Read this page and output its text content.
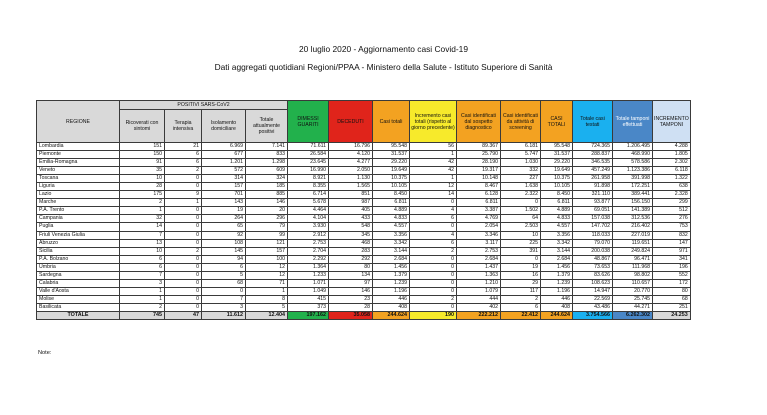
20 luglio 2020 - Aggiornamento casi Covid-19
Dati aggregati quotidiani Regioni/PPAA - Ministero della Salute - Istituto Superiore di Sanità
REGIONE	POSITIVI SARS-CoV2				DIMESSI GUARITI	DECEDUTI	Casi totali	Incremento casi totali (rispetto al giorno precedente)	Casi identificati dal sospetto diagnostico	Casi identificati da attività di screening	CASI TOTALI	Totale casi testati	Totale tamponi effettuati	INCREMENTO TAMPONI
	Ricoverati con sintomi	Terapia intensiva	Isolamento domiciliare	Totale attualmente positivi										
Lombardia	151	21	6.969	7.141	71.611	16.796	95.548	56	89.367	6.181	95.548	724.365	1.206.495	4.288
Piemonte	150	6	677	833	26.584	4.120	31.537	1	25.790	5.747	31.537	288.837	468.990	1.805
Emilia-Romagna	91	6	1.201	1.298	23.645	4.277	29.220	42	28.190	1.030	29.220	346.535	578.586	2.302
Veneto	35	2	572	609	16.990	2.050	19.649	42	19.317	332	19.649	457.249	1.123.386	6.118
Toscana	10	0	314	324	8.921	1.130	10.375	1	10.148	227	10.375	261.958	391.998	1.322
Liguria	28	0	157	185	8.355	1.565	10.105	12	8.467	1.638	10.105	91.898	172.251	638
Lazio	175	9	701	885	6.714	851	8.450	14	6.128	2.322	8.450	321.110	389.441	2.328
Marche	2	1	143	146	5.678	987	6.811	0	6.811	0	6.811	93.877	156.150	299
P.A. Trento	1	0	19	20	4.464	405	4.889	4	3.387	1.502	4.889	69.051	141.389	512
Campania	32	0	264	296	4.104	433	4.833	6	4.769	64	4.833	157.038	312.536	276
Puglia	14	0	65	79	3.930	548	4.557	0	2.054	2.503	4.557	147.702	216.402	753
Friuli Venezia Giulia	7	0	92	99	2.912	345	3.356	4	3.346	10	3.356	118.033	227.019	832
Abruzzo	13	0	108	121	2.753	468	3.342	6	3.117	225	3.342	79.070	119.651	147
Sicilia	10	2	145	157	2.704	283	3.144	2	2.753	391	3.144	200.038	249.824	971
P.A. Bolzano	6	0	94	100	2.292	292	2.684	0	2.684	0	2.684	48.867	96.471	341
Umbria	6	0	6	12	1.364	80	1.456	0	1.437	19	1.456	73.653	111.968	196
Sardegna	7	0	5	12	1.233	134	1.379	0	1.363	16	1.379	83.626	98.802	552
Calabria	3	0	68	71	1.071	97	1.239	0	1.210	29	1.239	108.623	110.657	172
Valle d'Aosta	1	0	0	1	1.049	146	1.196	0	1.079	117	1.196	14.947	20.770	80
Molise	1	0	7	8	415	23	446	2	444	2	446	22.569	25.745	68
Basilicata	2	0	3	5	373	28	408	0	402	6	408	43.486	44.271	251
TOTALE	745	47	11.612	12.404	197.162	35.058	244.624	190	222.212	22.412	244.624	3.754.566	6.262.302	24.253
Note:
